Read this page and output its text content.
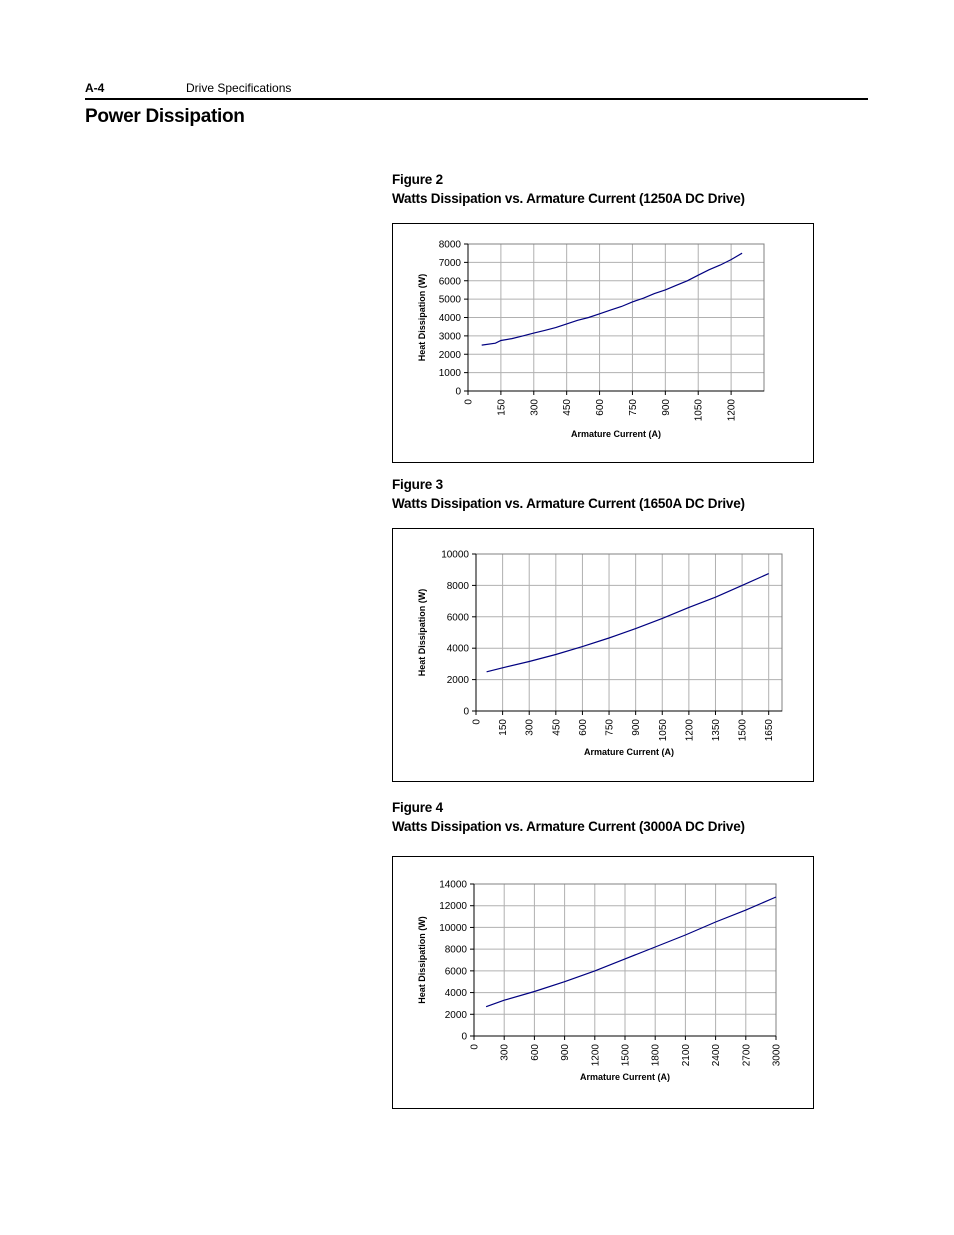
A-4	Drive Specifications
Power Dissipation
Figure 2
Watts Dissipation vs. Armature Current (1250A DC Drive)
0
1000
2000
3000
4000
5000
6000
7000
8000
0 150 300 450 600 750 900 1050 1200
Armature Current (A)
Heat Dissipation (W)
Figure 3
Watts Dissipation vs. Armature Current (1650A DC Drive)
0
2000
4000
6000
8000
10000
0 150 300 450 600 750 900 1050 1200 1350 1500 1650
Armature Current (A)
Heat Dissipation (W)
Figure 4
Watts Dissipation vs. Armature Current (3000A DC Drive)
0
2000
4000
6000
8000
10000
12000
14000
0 300 600 900 1200 1500 1800 2100 2400 2700 3000
Armature Current (A)
Heat Dissipation (W)
